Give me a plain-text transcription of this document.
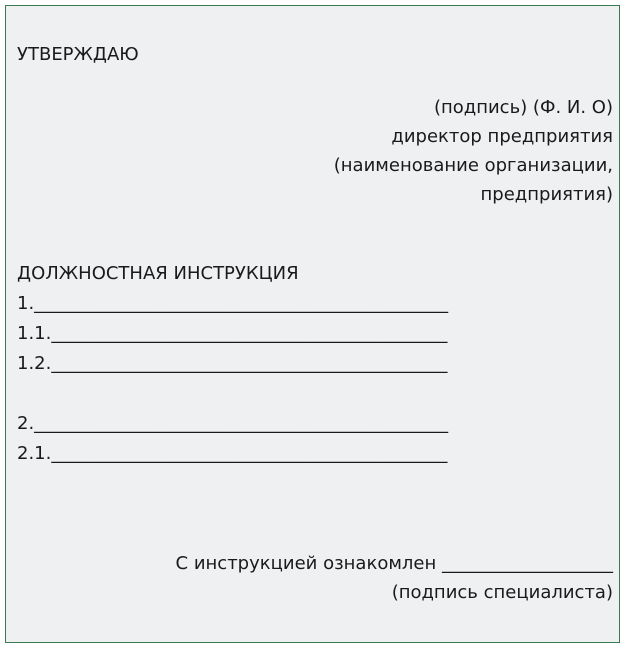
УТВЕРЖДАЮ
(подпись) (Ф. И. О)
директор предприятия
(наименование организации,
предприятия)
ДОЛЖНОСТНАЯ ИНСТРУКЦИЯ
1.______________________________________________
1.1.____________________________________________
1.2.____________________________________________
2.______________________________________________
2.1.____________________________________________
С инструкцией ознакомлен ___________________
(подпись специалиста)
